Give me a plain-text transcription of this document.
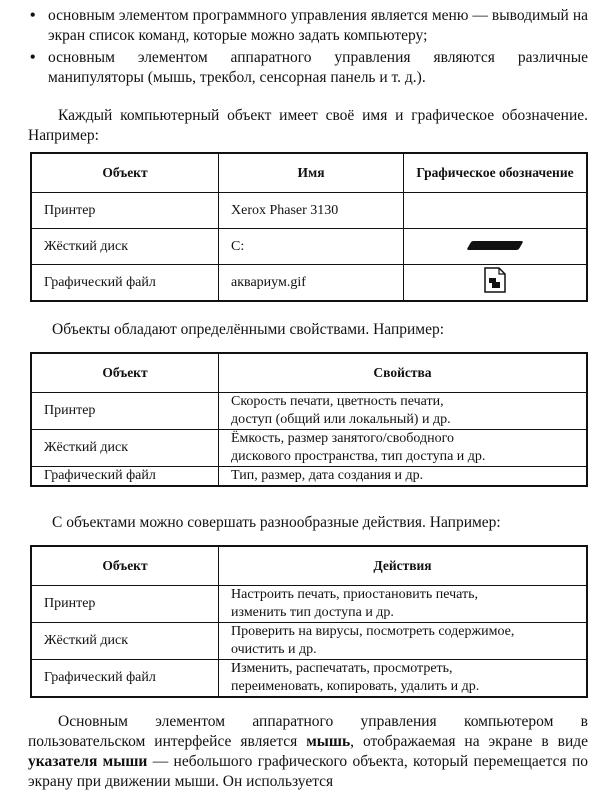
• основным элементом программного управления является меню — выводимый на экран список команд, которые можно задать компьютеру;
• основным элементом аппаратного управления являются различные манипуляторы (мышь, трекбол, сенсорная панель и т. д.).
Каждый компьютерный объект имеет своё имя и графическое обозначение. Например:
Объект	Имя	Графическое обозначение
Принтер	Xerox Phaser 3130	
Жёсткий диск	C:	
Графический файл	аквариум.gif	
Объекты обладают определёнными свойствами. Например:
Объект	Свойства
Принтер	Скорость печати, цветность печати,
доступ (общий или локальный) и др.

Жёсткий диск	Ёмкость, размер занятого/свободного
дискового пространства, тип доступа и др.

Графический файл	Тип, размер, дата создания и др.
С объектами можно совершать разнообразные действия. Например:
Объект	Действия
Принтер	Настроить печать, приостановить печать,
изменить тип доступа и др.

Жёсткий диск	Проверить на вирусы, посмотреть содержимое,
очистить и др.

Графический файл	Изменить, распечатать, просмотреть,
переименовать, копировать, удалить и др.
Основным элементом аппаратного управления компьютером в пользовательском интерфейсе является мышь, отображаемая на экране в виде указателя мыши — небольшого графического объекта, который перемещается по экрану при движении мыши. Он используется
